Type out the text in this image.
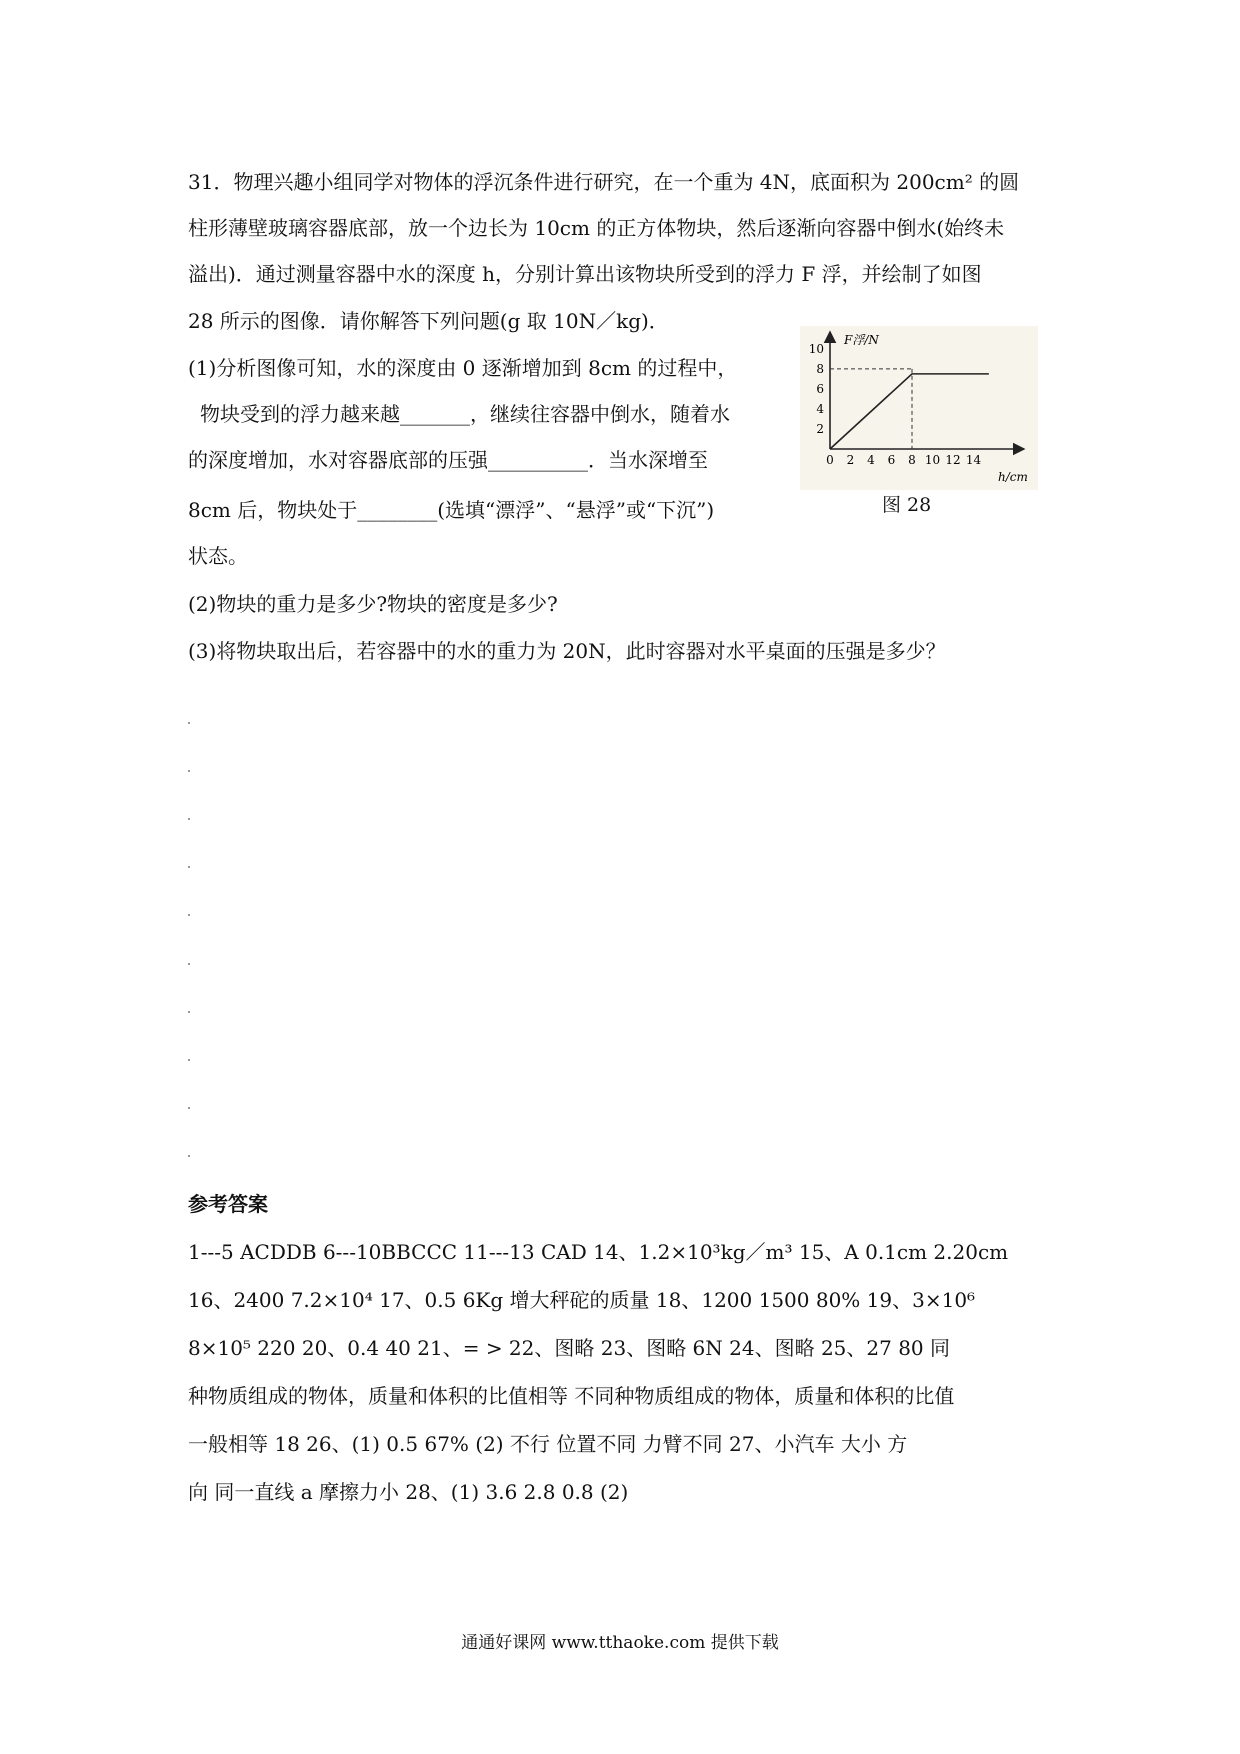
31．物理兴趣小组同学对物体的浮沉条件进行研究，在一个重为 4N，底面积为 200cm² 的圆
柱形薄壁玻璃容器底部，放一个边长为 10cm 的正方体物块，然后逐渐向容器中倒水(始终未
溢出)．通过测量容器中水的深度 h，分别计算出该物块所受到的浮力 F 浮，并绘制了如图
28 所示的图像．请你解答下列问题(g 取 10N／kg)．
(1)分析图像可知，水的深度由 0 逐渐增加到 8cm 的过程中，
物块受到的浮力越来越_______，继续往容器中倒水，随着水
的深度增加，水对容器底部的压强__________．当水深增至
8cm 后，物块处于________(选填“漂浮”、“悬浮”或“下沉”)
状态。
(2)物块的重力是多少?物块的密度是多少?
(3)将物块取出后，若容器中的水的重力为 20N，此时容器对水平桌面的压强是多少？
F浮/N
h/cm
0 2 4 6 8 10 12 14
2
4
6
8
10
图 28
参考答案
1---5 ACDDB 6---10BBCCC 11---13 CAD 14、1.2×10³kg／m³ 15、A 0.1cm 2.20cm
16、2400 7.2×10⁴ 17、0.5 6Kg 增大秤砣的质量 18、1200 1500 80% 19、3×10⁶
8×10⁵ 220 20、0.4 40 21、= > 22、图略 23、图略 6N 24、图略 25、27 80 同
种物质组成的物体，质量和体积的比值相等 不同种物质组成的物体，质量和体积的比值
一般相等 18 26、(1) 0.5 67% (2) 不行 位置不同 力臂不同 27、小汽车 大小 方
向 同一直线 a 摩擦力小 28、(1) 3.6 2.8 0.8 (2)
通通好课网 www.tthaoke.com 提供下载
